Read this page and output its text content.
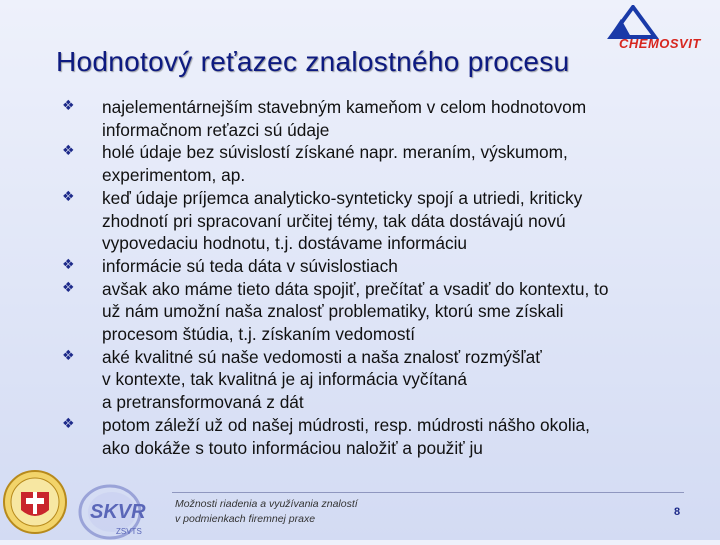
CHEMOSVIT
Hodnotový reťazec znalostného procesu
❖ najelementárnejším stavebným kameňom v celom hodnotovom
informačnom reťazci sú údaje
❖ holé údaje bez súvislostí získané napr. meraním, výskumom,
experimentom, ap.
❖ keď údaje príjemca analyticko-synteticky spojí a utriedi, kriticky
zhodnotí pri spracovaní určitej témy, tak dáta dostávajú novú
vypovedaciu hodnotu, t.j. dostávame informáciu
❖ informácie sú teda dáta v súvislostiach
❖ avšak ako máme tieto dáta spojiť, prečítať a vsadiť do kontextu, to
už nám umožní naša znalosť problematiky, ktorú sme získali
procesom štúdia, t.j. získaním vedomostí
❖ aké kvalitné sú naše vedomosti a naša znalosť rozmýšľať
v kontexte, tak kvalitná je aj informácia vyčítaná
a pretransformovaná z dát
❖ potom záleží už od našej múdrosti, resp. múdrosti nášho okolia,
ako dokáže s touto informáciou naložiť a použiť ju
SKVR
ZSVTS
Možnosti riadenia a využívania znalostí
v podmienkach firemnej praxe
8
